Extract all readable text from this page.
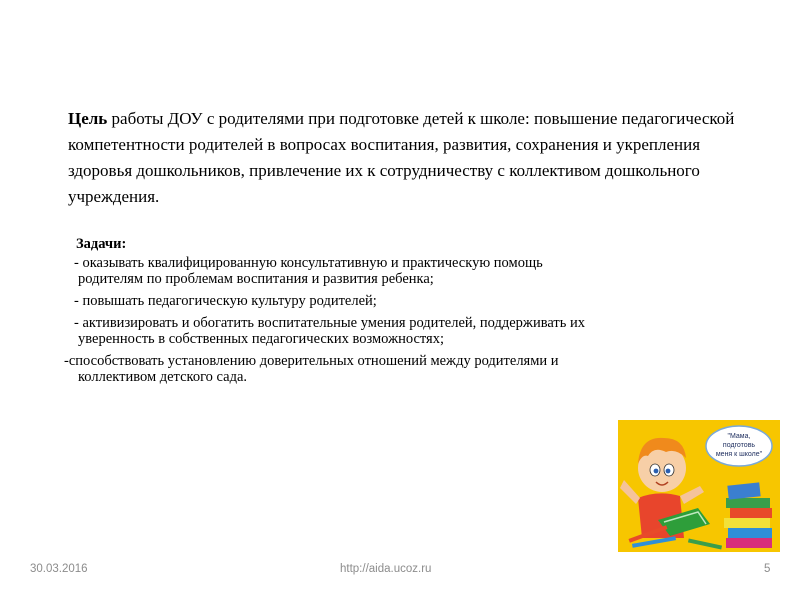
Цель работы ДОУ с родителями при подготовке детей к школе: повышение педагогической компетентности родителей в вопросах воспитания, развития, сохранения и укрепления здоровья дошкольников, привлечение их к сотрудничеству с коллективом дошкольного учреждения.

Задачи:
- оказывать квалифицированную консультативную и практическую помощь
родителям по проблемам воспитания и развития ребенка;
- повышать педагогическую культуру родителей;
- активизировать и обогатить воспитательные умения родителей, поддерживать их
уверенность в собственных педагогических возможностях;
-способствовать установлению доверительных отношений между родителями и
коллективом детского сада.
"Мама,
подготовь
меня к школе"
30.03.2016	http://aida.ucoz.ru	5
